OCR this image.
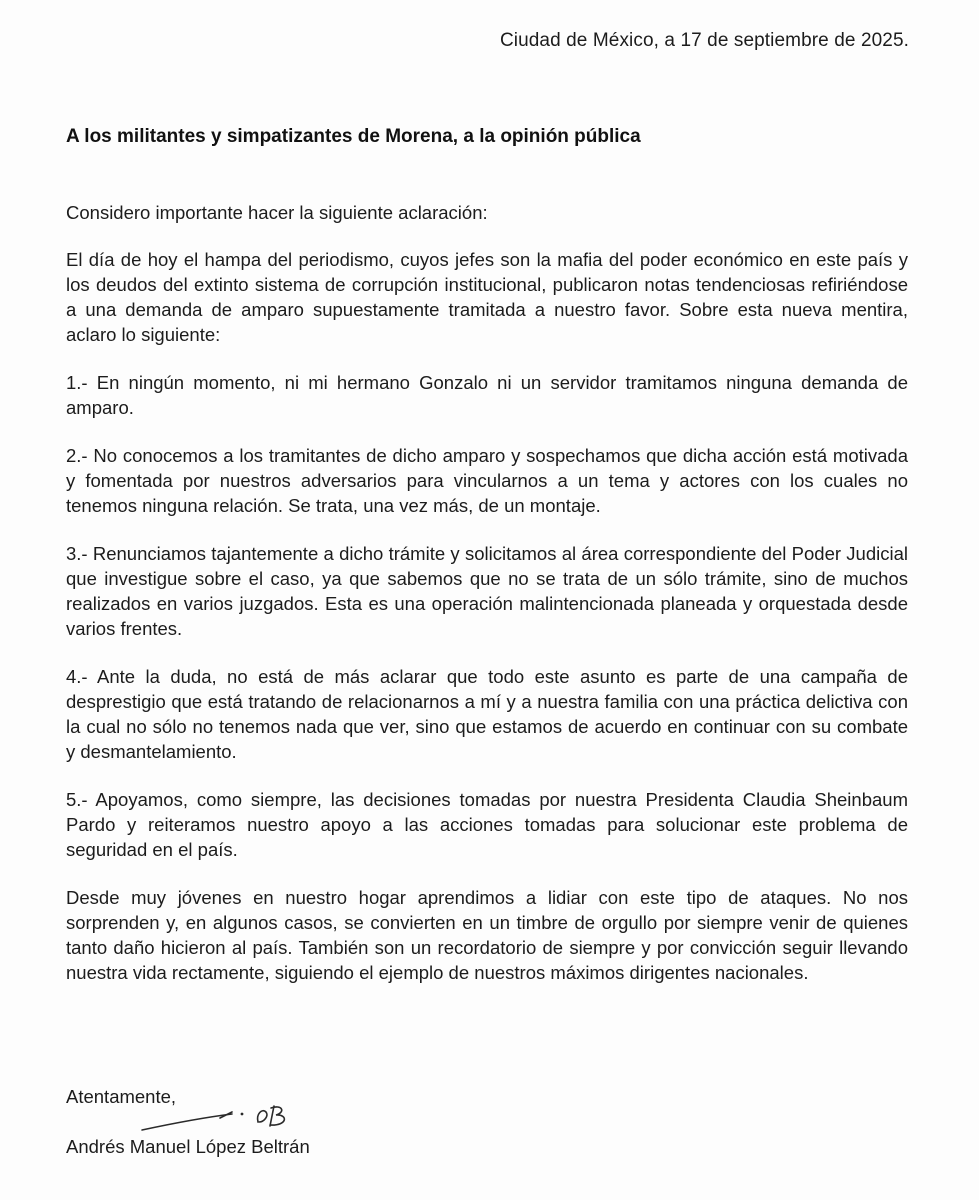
Ciudad de México, a 17 de septiembre de 2025.
A los militantes y simpatizantes de Morena, a la opinión pública

Considero importante hacer la siguiente aclaración:

El día de hoy el hampa del periodismo, cuyos jefes son la mafia del poder económico en este país y los deudos del extinto sistema de corrupción institucional, publicaron notas tendenciosas refiriéndose a una demanda de amparo supuestamente tramitada a nuestro favor. Sobre esta nueva mentira, aclaro lo siguiente:

1.- En ningún momento, ni mi hermano Gonzalo ni un servidor tramitamos ninguna demanda de amparo.

2.- No conocemos a los tramitantes de dicho amparo y sospechamos que dicha acción está motivada y fomentada por nuestros adversarios para vincularnos a un tema y actores con los cuales no tenemos ninguna relación. Se trata, una vez más, de un montaje.

3.- Renunciamos tajantemente a dicho trámite y solicitamos al área correspondiente del Poder Judicial que investigue sobre el caso, ya que sabemos que no se trata de un sólo trámite, sino de muchos realizados en varios juzgados. Esta es una operación malintencionada planeada y orquestada desde varios frentes.

4.- Ante la duda, no está de más aclarar que todo este asunto es parte de una campaña de desprestigio que está tratando de relacionarnos a mí y a nuestra familia con una práctica delictiva con la cual no sólo no tenemos nada que ver, sino que estamos de acuerdo en continuar con su combate y desmantelamiento.

5.- Apoyamos, como siempre, las decisiones tomadas por nuestra Presidenta Claudia Sheinbaum Pardo y reiteramos nuestro apoyo a las acciones tomadas para solucionar este problema de seguridad en el país.

Desde muy jóvenes en nuestro hogar aprendimos a lidiar con este tipo de ataques. No nos sorprenden y, en algunos casos, se convierten en un timbre de orgullo por siempre venir de quienes tanto daño hicieron al país. También son un recordatorio de siempre y por convicción seguir llevando nuestra vida rectamente, siguiendo el ejemplo de nuestros máximos dirigentes nacionales.

Atentamente,
Andrés Manuel López Beltrán
